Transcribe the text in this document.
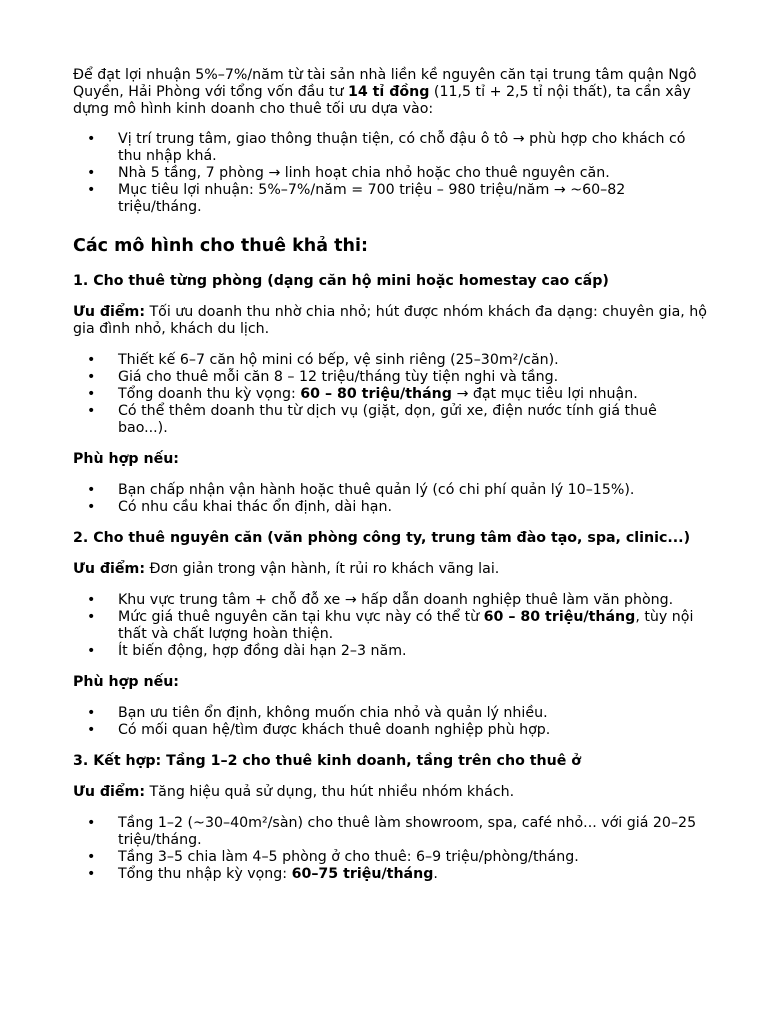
Để đạt lợi nhuận 5%–7%/năm từ tài sản nhà liền kề nguyên căn tại trung tâm quận Ngô Quyền, Hải Phòng với tổng vốn đầu tư 14 tỉ đồng (11,5 tỉ + 2,5 tỉ nội thất), ta cần xây dựng mô hình kinh doanh cho thuê tối ưu dựa vào:

• Vị trí trung tâm, giao thông thuận tiện, có chỗ đậu ô tô → phù hợp cho khách có thu nhập khá.
• Nhà 5 tầng, 7 phòng → linh hoạt chia nhỏ hoặc cho thuê nguyên căn.
• Mục tiêu lợi nhuận: 5%–7%/năm = 700 triệu – 980 triệu/năm → ~60–82 triệu/tháng.

Các mô hình cho thuê khả thi:

1. Cho thuê từng phòng (dạng căn hộ mini hoặc homestay cao cấp)

Ưu điểm: Tối ưu doanh thu nhờ chia nhỏ; hút được nhóm khách đa dạng: chuyên gia, hộ gia đình nhỏ, khách du lịch.

• Thiết kế 6–7 căn hộ mini có bếp, vệ sinh riêng (25–30m²/căn).
• Giá cho thuê mỗi căn 8 – 12 triệu/tháng tùy tiện nghi và tầng.
• Tổng doanh thu kỳ vọng: 60 – 80 triệu/tháng → đạt mục tiêu lợi nhuận.
• Có thể thêm doanh thu từ dịch vụ (giặt, dọn, gửi xe, điện nước tính giá thuê bao...).

Phù hợp nếu:

• Bạn chấp nhận vận hành hoặc thuê quản lý (có chi phí quản lý 10–15%).
• Có nhu cầu khai thác ổn định, dài hạn.

2. Cho thuê nguyên căn (văn phòng công ty, trung tâm đào tạo, spa, clinic...)

Ưu điểm: Đơn giản trong vận hành, ít rủi ro khách vãng lai.

• Khu vực trung tâm + chỗ đỗ xe → hấp dẫn doanh nghiệp thuê làm văn phòng.
• Mức giá thuê nguyên căn tại khu vực này có thể từ 60 – 80 triệu/tháng, tùy nội thất và chất lượng hoàn thiện.
• Ít biến động, hợp đồng dài hạn 2–3 năm.

Phù hợp nếu:

• Bạn ưu tiên ổn định, không muốn chia nhỏ và quản lý nhiều.
• Có mối quan hệ/tìm được khách thuê doanh nghiệp phù hợp.

3. Kết hợp: Tầng 1–2 cho thuê kinh doanh, tầng trên cho thuê ở

Ưu điểm: Tăng hiệu quả sử dụng, thu hút nhiều nhóm khách.

• Tầng 1–2 (~30–40m²/sàn) cho thuê làm showroom, spa, café nhỏ... với giá 20–25 triệu/tháng.
• Tầng 3–5 chia làm 4–5 phòng ở cho thuê: 6–9 triệu/phòng/tháng.
• Tổng thu nhập kỳ vọng: 60–75 triệu/tháng.
